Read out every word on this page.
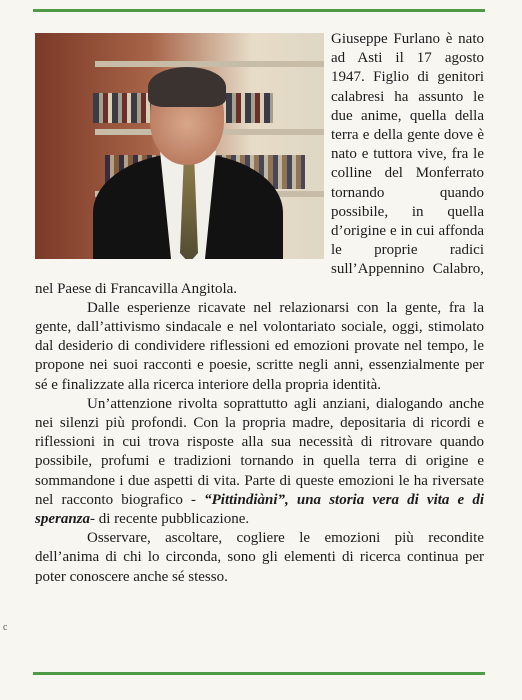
Giuseppe Furlano è nato ad Asti il 17 agosto 1947. Figlio di genitori calabresi ha assunto le due anime, quella della terra e della gente dove è nato e tuttora vive, fra le colline del Monferrato tornando quando possibile, in quella d’origine e in cui affonda le proprie radici sull’Appennino Calabro, nel Paese di Francavilla Angitola.

Dalle esperienze ricavate nel relazionarsi con la gente, fra la gente, dall’attivismo sindacale e nel volontariato sociale, oggi, stimolato dal desiderio di condividere riflessioni ed emozioni provate nel tempo, le propone nei suoi racconti e poesie, scritte negli anni, essenzialmente per sé e finalizzate alla ricerca interiore della propria identità.

Un’attenzione rivolta soprattutto agli anziani, dialogando anche nei silenzi più profondi. Con la propria madre, depositaria di ricordi e riflessioni in cui trova risposte alla sua necessità di ritrovare quando possibile, profumi e tradizioni tornando in quella terra di origine e sommandone i due aspetti di vita. Parte di queste emozioni le ha riversate nel racconto biografico - “Pittindiàni”, una storia vera di vita e di speranza- di recente pubblicazione.

Osservare, ascoltare, cogliere le emozioni più recondite dell’anima di chi lo circonda, sono gli elementi di ricerca continua per poter conoscere anche sé stesso.

c
